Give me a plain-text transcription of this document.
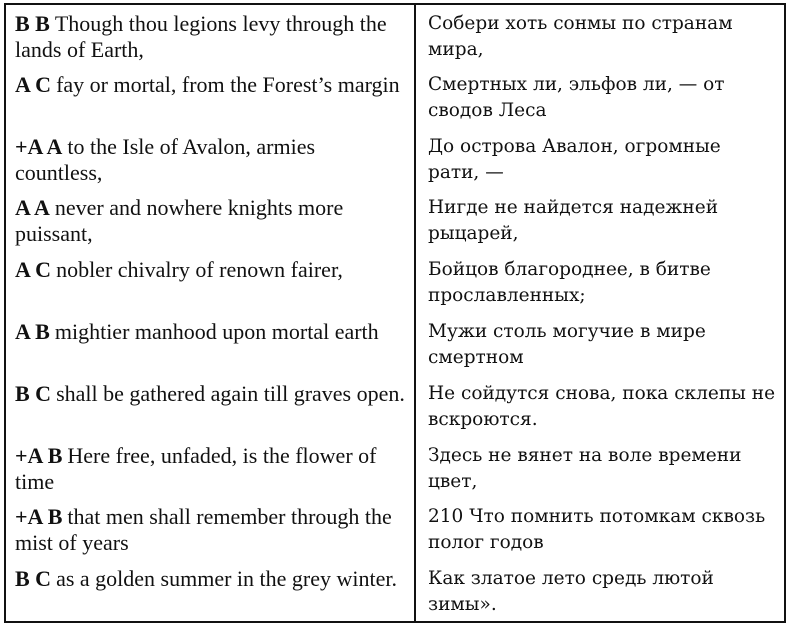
B B Though thou legions levy through the lands of Earth,	Собери хоть сонмы по странам мира,
A C fay or mortal, from the Forest’s margin	Смертных ли, эльфов ли, — от сводов Леса
+A A to the Isle of Avalon, armies countless,	До острова Авалон, огромные рати, —
A A never and nowhere knights more puissant,	Нигде не найдется надежней рыцарей,
A C nobler chivalry of renown fairer,	Бойцов благороднее, в битве прославленных;
A B mightier manhood upon mortal earth	Мужи столь могучие в мире смертном
B C shall be gathered again till graves open.	Не сойдутся снова, пока склепы не вскроются.
+A B Here free, unfaded, is the flower of time	Здесь не вянет на воле времени цвет,
+A B that men shall remember through the mist of years	210 Что помнить потомкам сквозь полог годов
B C as a golden summer in the grey winter.	Как златое лето средь лютой зимы».
